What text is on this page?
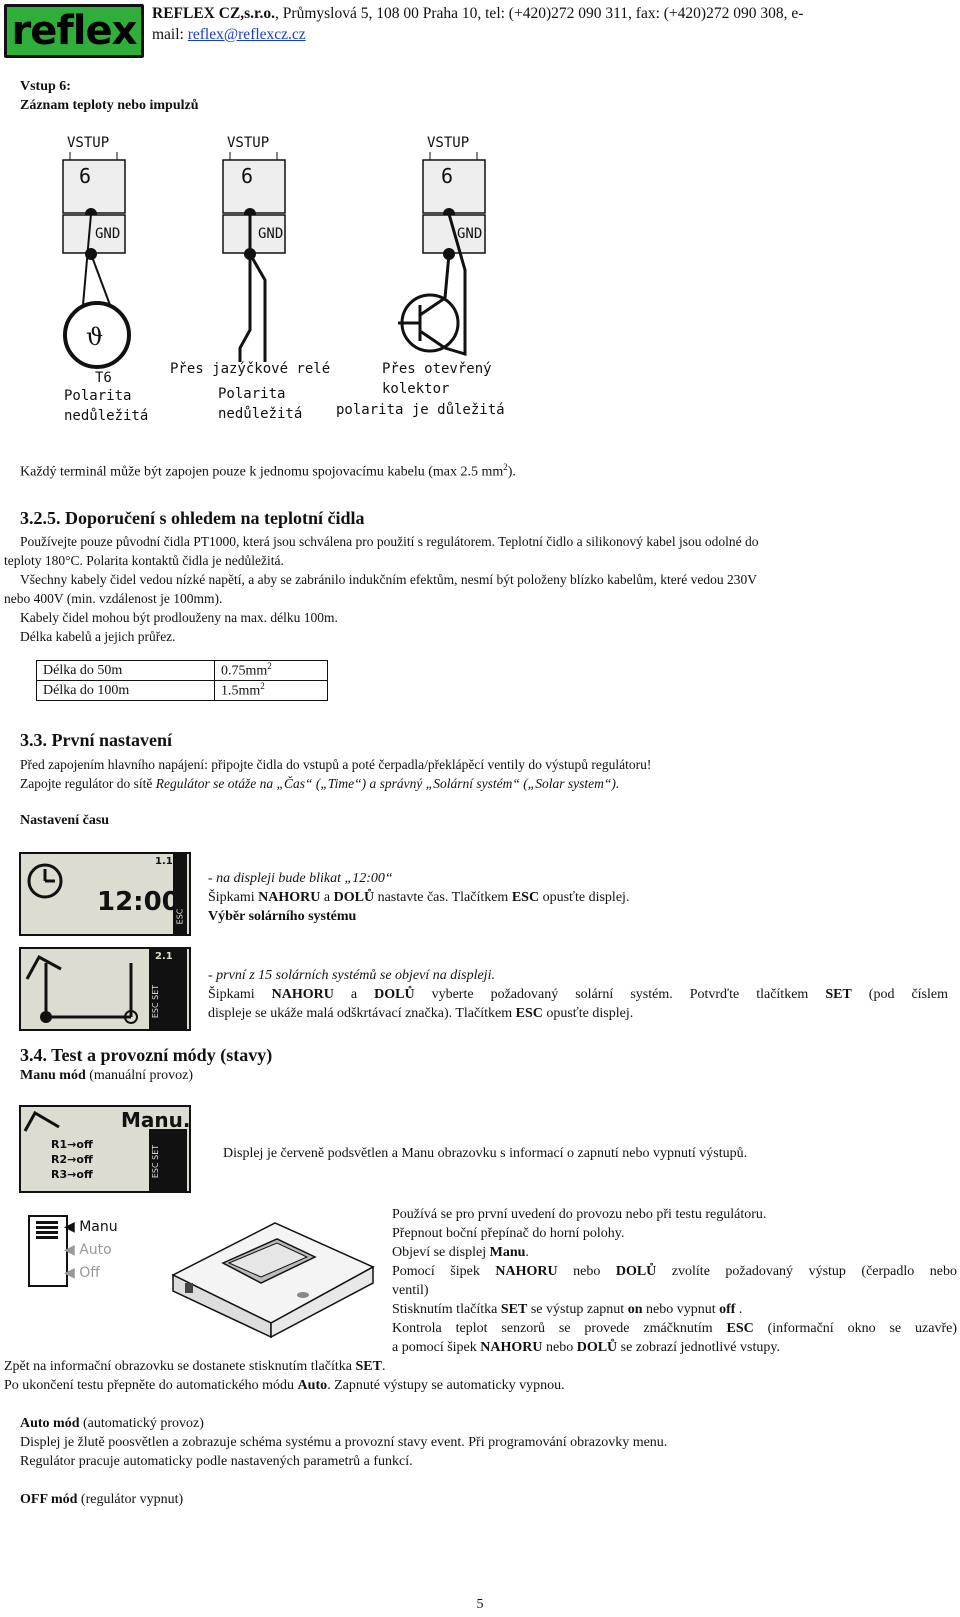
reflex REFLEX CZ,s.r.o., Průmyslová 5, 108 00 Praha 10, tel: (+420)272 090 311, fax: (+420)272 090 308, e-
mail: reflex@reflexcz.cz
Vstup 6:
Záznam teploty nebo impulzů
VSTUP
6
GND
ϑ
T6
Polarita
nedůležitá
VSTUP
6
GND
Přes jazýčkové relé
Polarita
nedůležitá
VSTUP
6
GND
Přes otevřený
kolektor
polarita je důležitá
Každý terminál může být zapojen pouze k jednomu spojovacímu kabelu (max 2.5 $mm^2$).
3.2.5. Doporučení s ohledem na teplotní čidla

Používejte pouze původní čidla PT1000, která jsou schválena pro použití s regulátorem. Teplotní čidlo a silikonový kabel jsou odolné do

teploty 180°C. Polarita kontaktů čidla je nedůležitá.

Všechny kabely čidel vedou nízké napětí, a aby se zabránilo indukčním efektům, nesmí být položeny blízko kabelům, které vedou 230V

nebo 400V (min. vzdálenost je 100mm).

Kabely čidel mohou být prodlouženy na max. délku 100m.

Délka kabelů a jejich průřez.

Délka do 50m	$0.75mm^2$
Délka do 100m	$1.5mm^2$
3.3. První nastavení

Před zapojením hlavního napájení: připojte čidla do vstupů a poté čerpadla/překlápěcí ventily do výstupů regulátoru!

Zapojte regulátor do sítě Regulátor se otáže na „Čas“ („Time“) a správný „Solární systém“ („Solar system“).

Nastavení času
1.1
12:00
ESC

- na displeji bude blikat „12:00“

Šipkami NAHORU a DOLŮ nastavte čas. Tlačítkem ESC opusťte displej.

Výběr solárního systému

2.1
ESC SET

- první z 15 solárních systémů se objeví na displeji.

Šipkami NAHORU a DOLŮ vyberte požadovaný solární systém. Potvrďte tlačítkem SET (pod číslem

displeje se ukáže malá odškrtávací značka). Tlačítkem ESC opusťte displej.

3.4. Test a provozní módy (stavy)
Manu mód (manuální provoz)
Manu.
R1→off
R2→off
R3→off	ESC SET	Displej je červeně podsvětlen a Manu obrazovku s informací o zapnutí nebo vypnutí výstupů.
◀ Manu
◀ Auto
◀ Off

Používá se pro první uvedení do provozu nebo při testu regulátoru.

Přepnout boční přepínač do horní polohy.

Objeví se displej Manu.

Pomocí šipek NAHORU nebo DOLŮ zvolíte požadovaný výstup (čerpadlo nebo

ventil)

Stisknutím tlačítka SET se výstup zapnut on nebo vypnut off .

Kontrola teplot senzorů se provede zmáčknutím ESC (informační okno se uzavře)

a pomocí šipek NAHORU nebo DOLŮ se zobrazí jednotlivé vstupy.

Zpět na informační obrazovku se dostanete stisknutím tlačítka SET.

Po ukončení testu přepněte do automatického módu Auto. Zapnuté výstupy se automaticky vypnou.

Auto mód (automatický provoz)

Displej je žlutě poosvětlen a zobrazuje schéma systému a provozní stavy event. Při programování obrazovky menu.

Regulátor pracuje automaticky podle nastavených parametrů a funkcí.

OFF mód (regulátor vypnut)
5
